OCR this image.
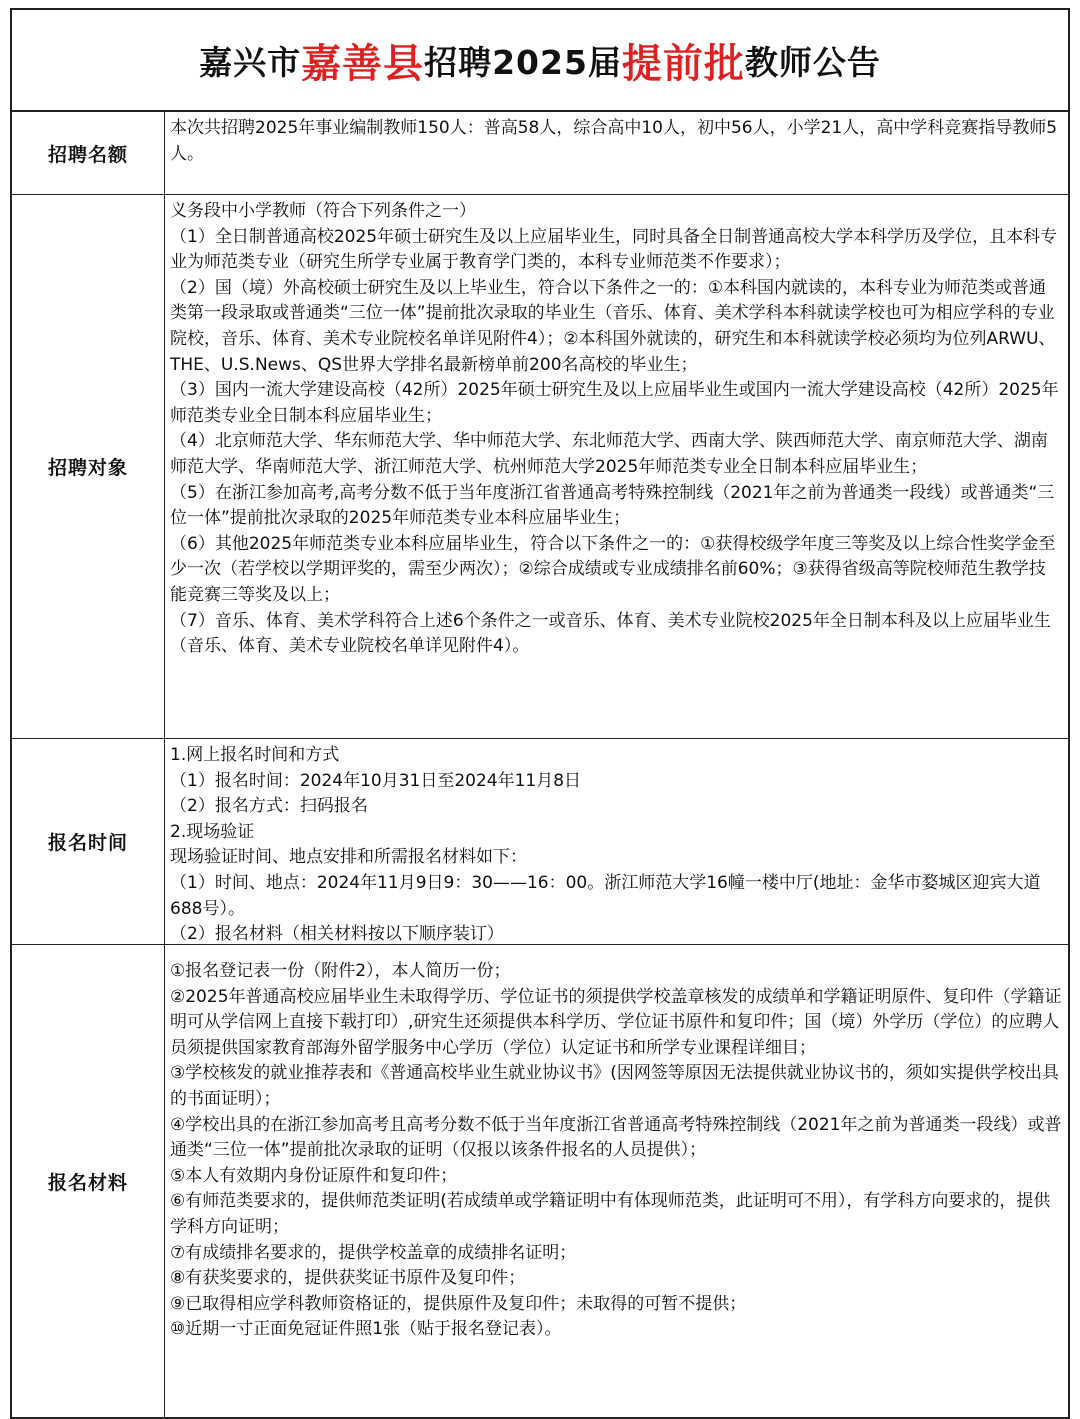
嘉兴市 嘉善县 招聘2025届 提前批 教师公告
招聘名额

本次共招聘2025年事业编制教师150人：普高58人，综合高中10人，初中56人，小学21人，高中学科竞赛指导教师5人。

招聘对象

义务段中小学教师（符合下列条件之一）

（1）全日制普通高校2025年硕士研究生及以上应届毕业生，同时具备全日制普通高校大学本科学历及学位，且本科专业为师范类专业（研究生所学专业属于教育学门类的，本科专业师范类不作要求）；

（2）国（境）外高校硕士研究生及以上毕业生，符合以下条件之一的：①本科国内就读的，本科专业为师范类或普通类第一段录取或普通类“三位一体”提前批次录取的毕业生（音乐、体育、美术学科本科就读学校也可为相应学科的专业院校，音乐、体育、美术专业院校名单详见附件4）；②本科国外就读的，研究生和本科就读学校必须均为位列ARWU、THE、U.S.News、QS世界大学排名最新榜单前200名高校的毕业生；

（3）国内一流大学建设高校（42所）2025年硕士研究生及以上应届毕业生或国内一流大学建设高校（42所）2025年师范类专业全日制本科应届毕业生；

（4）北京师范大学、华东师范大学、华中师范大学、东北师范大学、西南大学、陕西师范大学、南京师范大学、湖南师范大学、华南师范大学、浙江师范大学、杭州师范大学2025年师范类专业全日制本科应届毕业生；

（5）在浙江参加高考,高考分数不低于当年度浙江省普通高考特殊控制线（2021年之前为普通类一段线）或普通类“三位一体”提前批次录取的2025年师范类专业本科应届毕业生；

（6）其他2025年师范类专业本科应届毕业生，符合以下条件之一的：①获得校级学年度三等奖及以上综合性奖学金至少一次（若学校以学期评奖的，需至少两次）；②综合成绩或专业成绩排名前60%；③获得省级高等院校师范生教学技能竞赛三等奖及以上；

（7）音乐、体育、美术学科符合上述6个条件之一或音乐、体育、美术专业院校2025年全日制本科及以上应届毕业生（音乐、体育、美术专业院校名单详见附件4）。

报名时间

1.网上报名时间和方式

（1）报名时间：2024年10月31日至2024年11月8日

（2）报名方式：扫码报名

2.现场验证

现场验证时间、地点安排和所需报名材料如下：

（1）时间、地点：2024年11月9日9：30——16：00。浙江师范大学16幢一楼中厅(地址：金华市婺城区迎宾大道688号）。

（2）报名材料（相关材料按以下顺序装订）

报名材料

①报名登记表一份（附件2），本人简历一份；

②2025年普通高校应届毕业生未取得学历、学位证书的须提供学校盖章核发的成绩单和学籍证明原件、复印件（学籍证明可从学信网上直接下载打印）,研究生还须提供本科学历、学位证书原件和复印件；国（境）外学历（学位）的应聘人员须提供国家教育部海外留学服务中心学历（学位）认定证书和所学专业课程详细目；

③学校核发的就业推荐表和《普通高校毕业生就业协议书》(因网签等原因无法提供就业协议书的，须如实提供学校出具的书面证明）；

④学校出具的在浙江参加高考且高考分数不低于当年度浙江省普通高考特殊控制线（2021年之前为普通类一段线）或普通类“三位一体”提前批次录取的证明（仅报以该条件报名的人员提供）；

⑤本人有效期内身份证原件和复印件；

⑥有师范类要求的，提供师范类证明(若成绩单或学籍证明中有体现师范类，此证明可不用），有学科方向要求的，提供学科方向证明；

⑦有成绩排名要求的，提供学校盖章的成绩排名证明；

⑧有获奖要求的，提供获奖证书原件及复印件；

⑨已取得相应学科教师资格证的，提供原件及复印件；未取得的可暂不提供；

⑩近期一寸正面免冠证件照1张（贴于报名登记表）。
